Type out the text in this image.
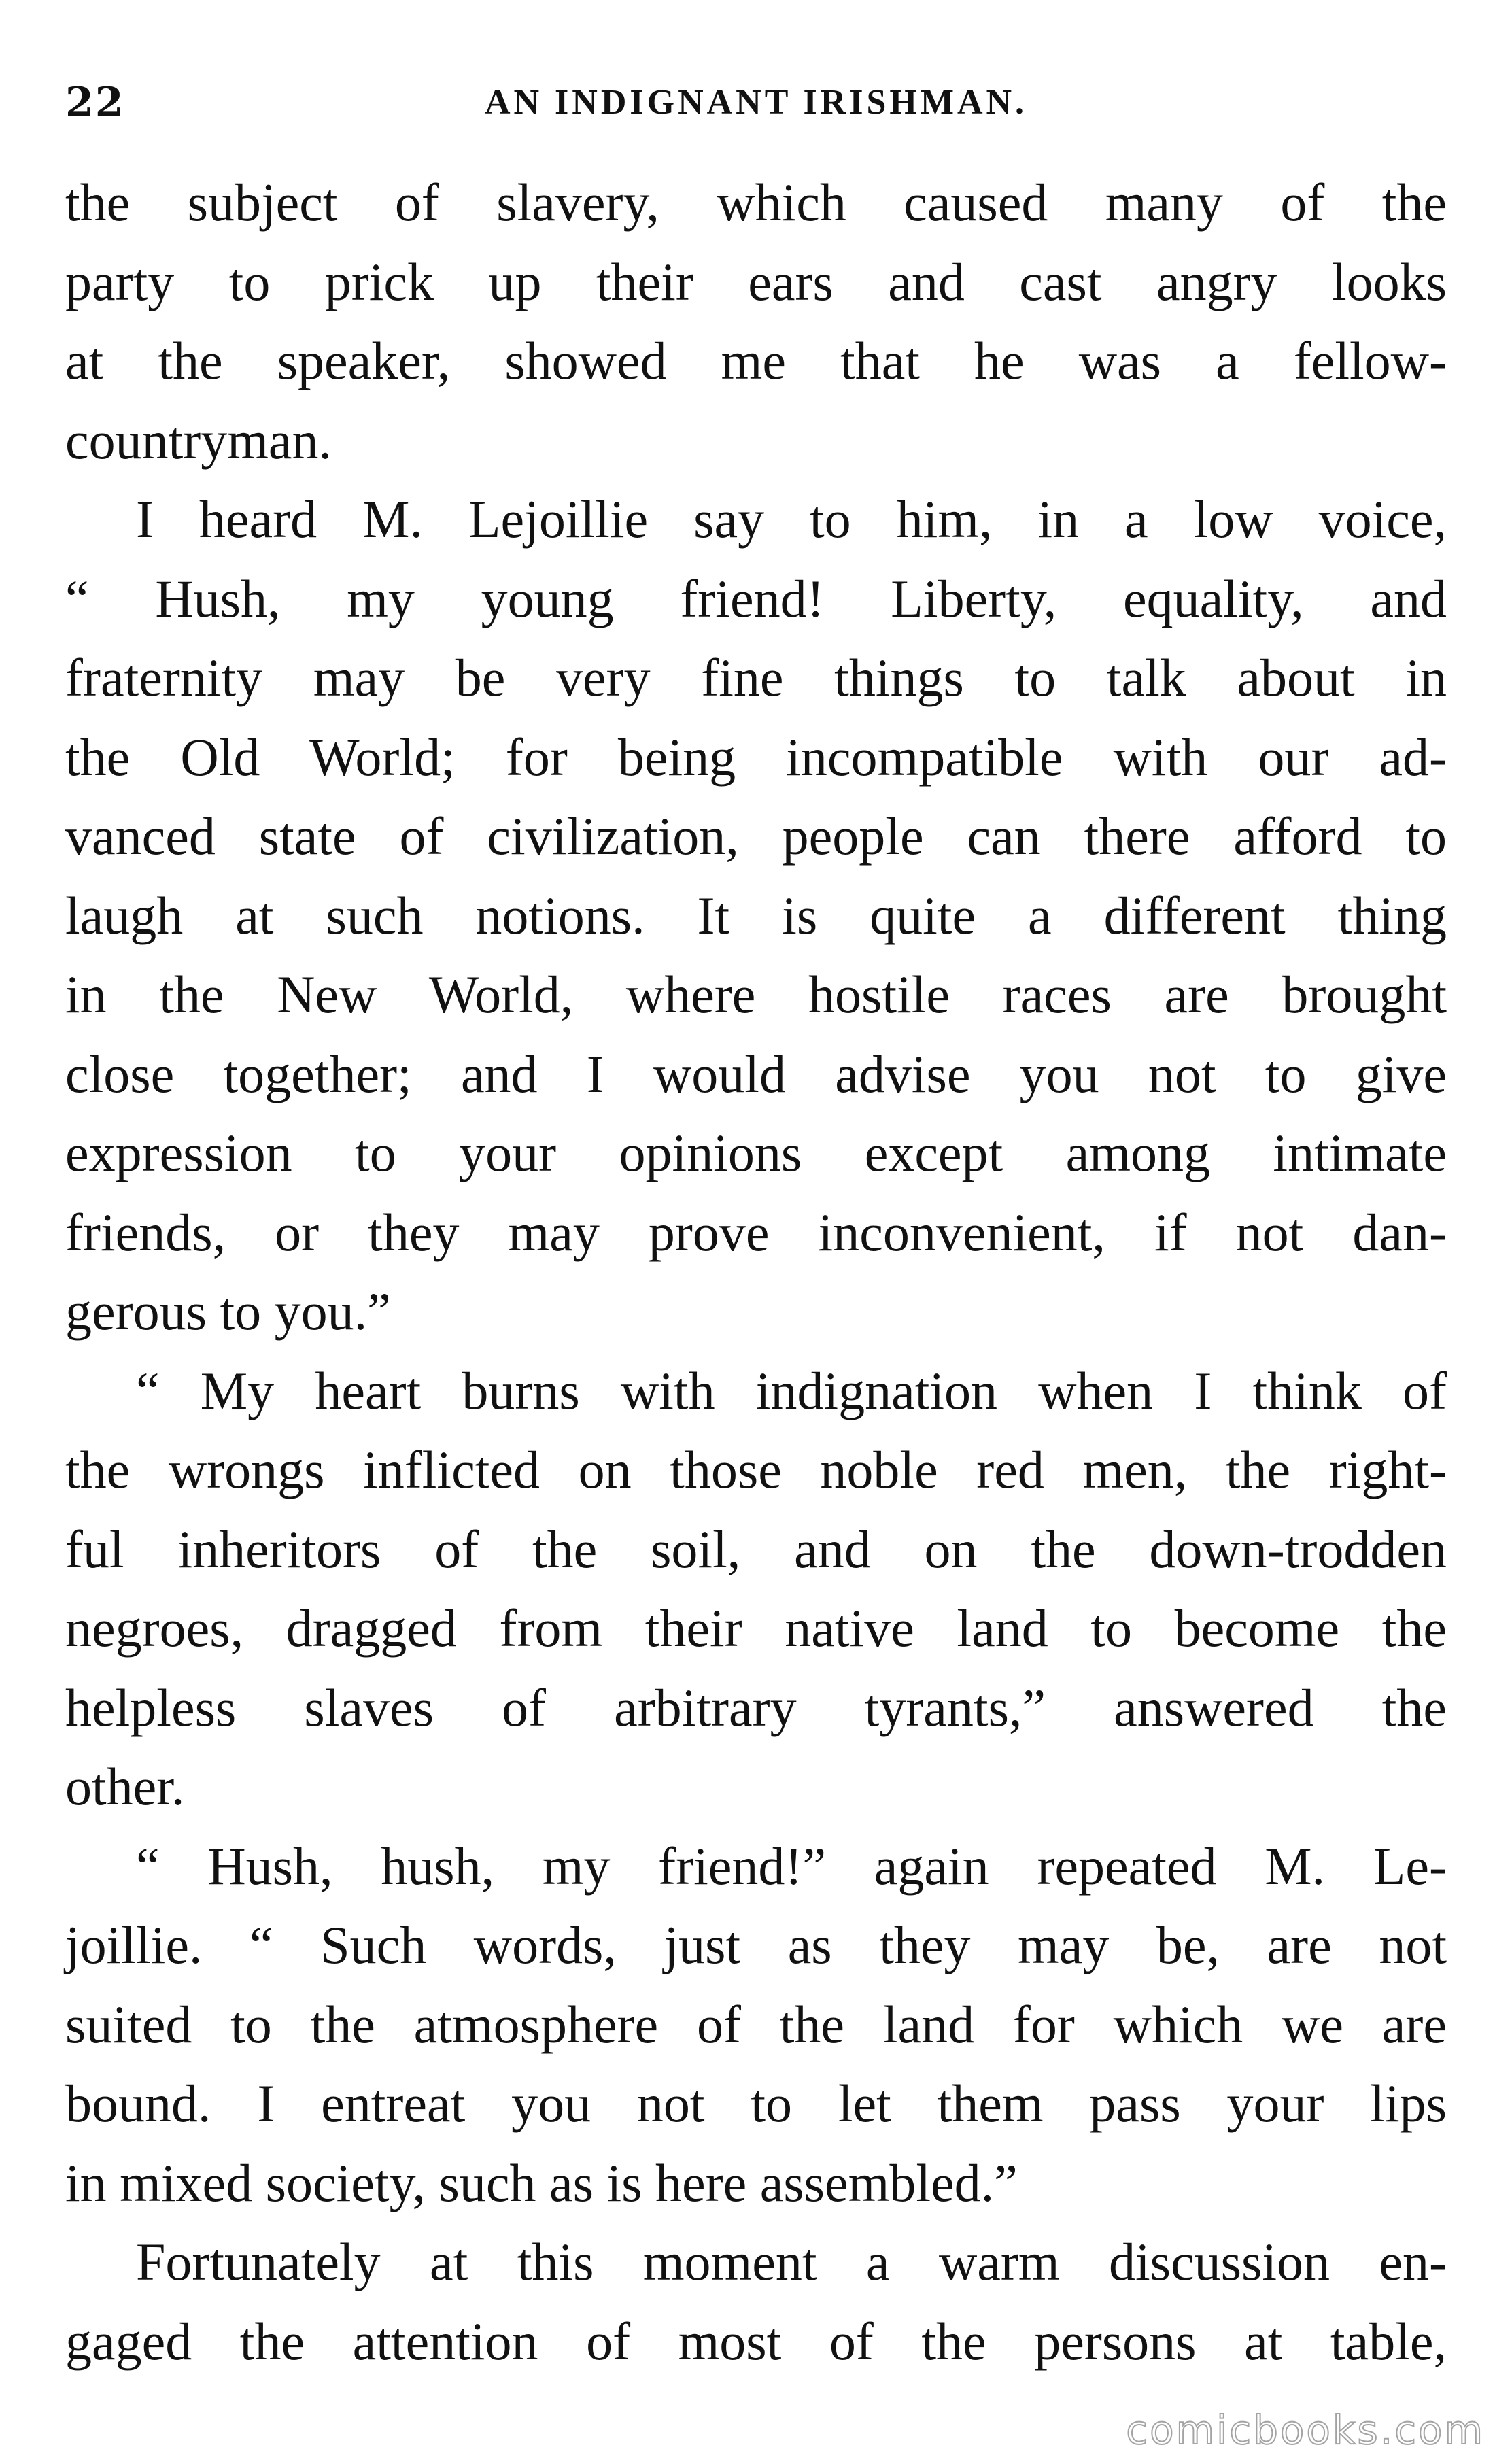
22	AN INDIGNANT IRISHMAN.
the subject of slavery, which caused many of the
party to prick up their ears and cast angry looks
at the speaker, showed me that he was a fellow-
countryman.
I heard M. Lejoillie say to him, in a low voice,
“ Hush, my young friend! Liberty, equality, and
fraternity may be very fine things to talk about in
the Old World; for being incompatible with our ad-
vanced state of civilization, people can there afford to
laugh at such notions. It is quite a different thing
in the New World, where hostile races are brought
close together; and I would advise you not to give
expression to your opinions except among intimate
friends, or they may prove inconvenient, if not dan-
gerous to you.”
“ My heart burns with indignation when I think of
the wrongs inflicted on those noble red men, the right-
ful inheritors of the soil, and on the down-trodden
negroes, dragged from their native land to become the
helpless slaves of arbitrary tyrants,” answered the
other.
“ Hush, hush, my friend!” again repeated M. Le-
joillie. “ Such words, just as they may be, are not
suited to the atmosphere of the land for which we are
bound. I entreat you not to let them pass your lips
in mixed society, such as is here assembled.”
Fortunately at this moment a warm discussion en-
gaged the attention of most of the persons at table,
comicbooks.com
